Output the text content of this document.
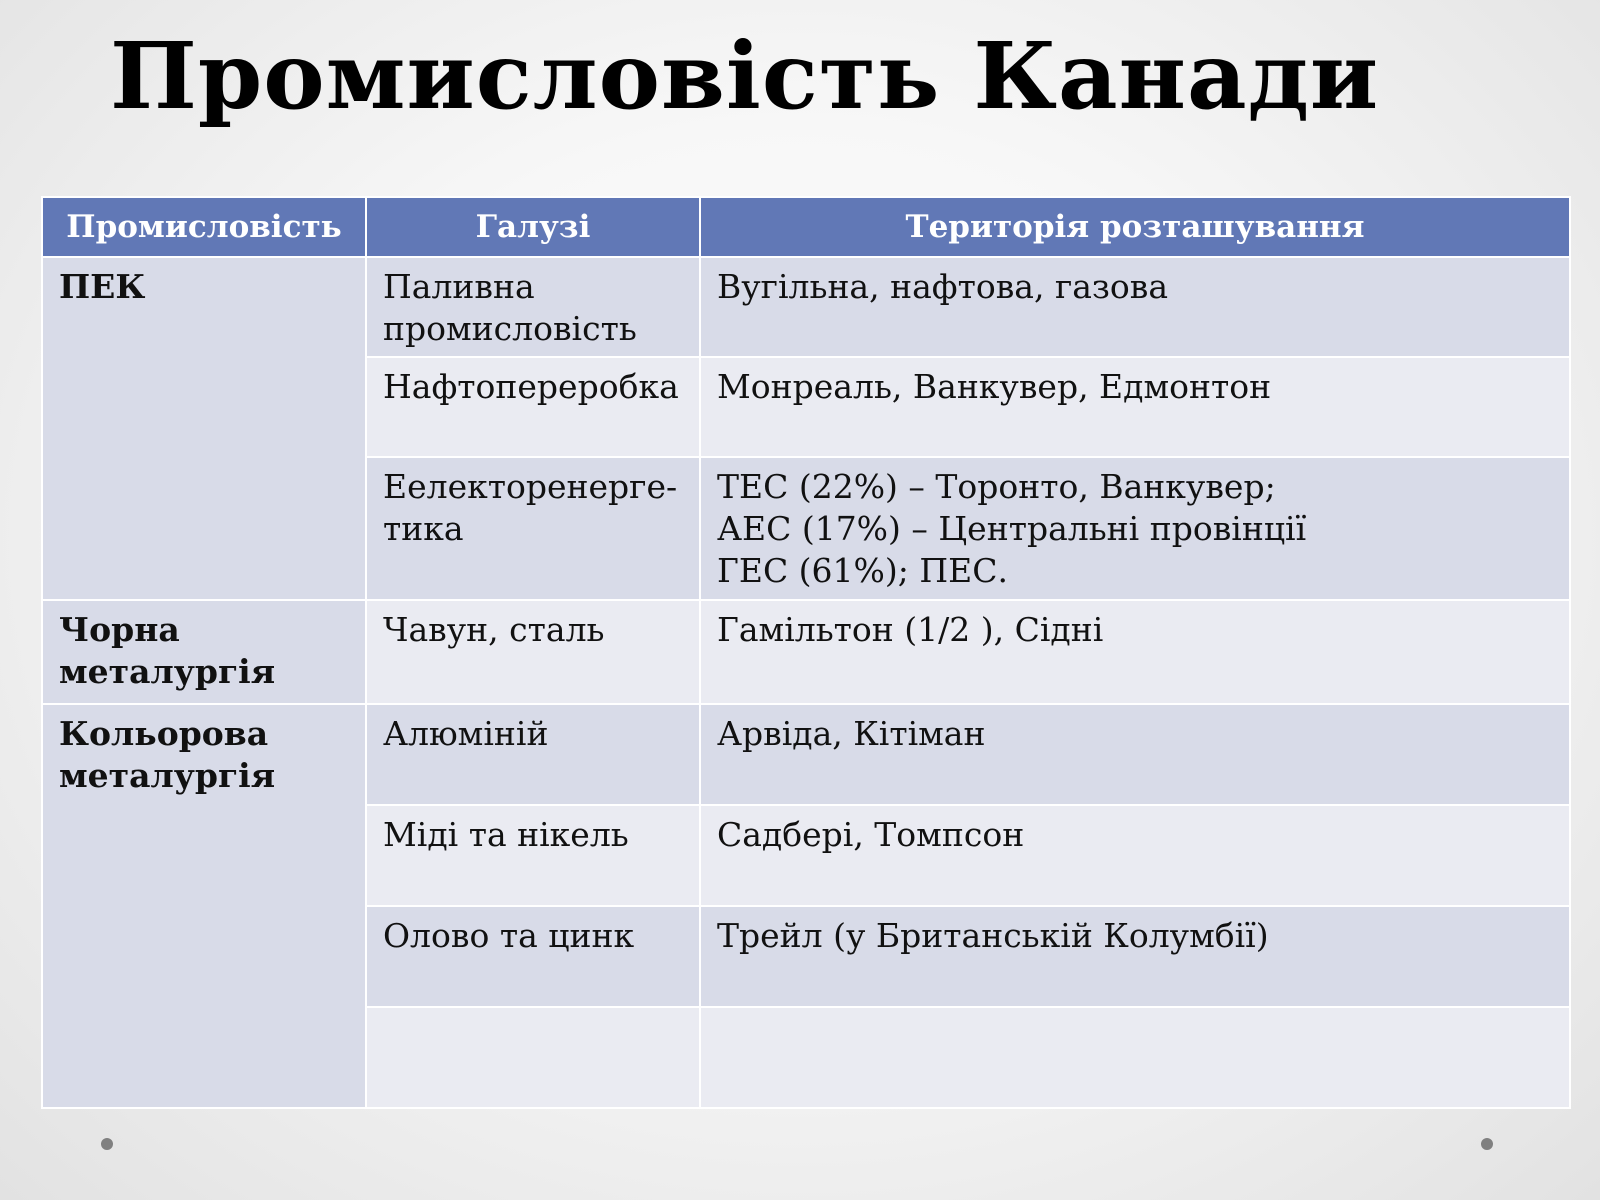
Промисловість Канади
Промисловість	Галузі	Територія розташування
ПЕК	Паливна промисловість	Вугільна, нафтова, газова

	Нафтопереробка	Монреаль, Ванкувер, Едмонтон

	Еелекторенерге-тика	ТЕС (22%) – Торонто, Ванкувер;
АЕС (17%) – Центральні провінції
ГЕС (61%); ПЕС.

Чорна металургія	Чавун, сталь	Гамільтон (1/2 ), Сідні

Кольорова металургія	Алюміній	Арвіда, Кітіман

	Міді та нікель	Садбері, Томпсон

	Олово та цинк	Трейл (у Британській Колумбії)
